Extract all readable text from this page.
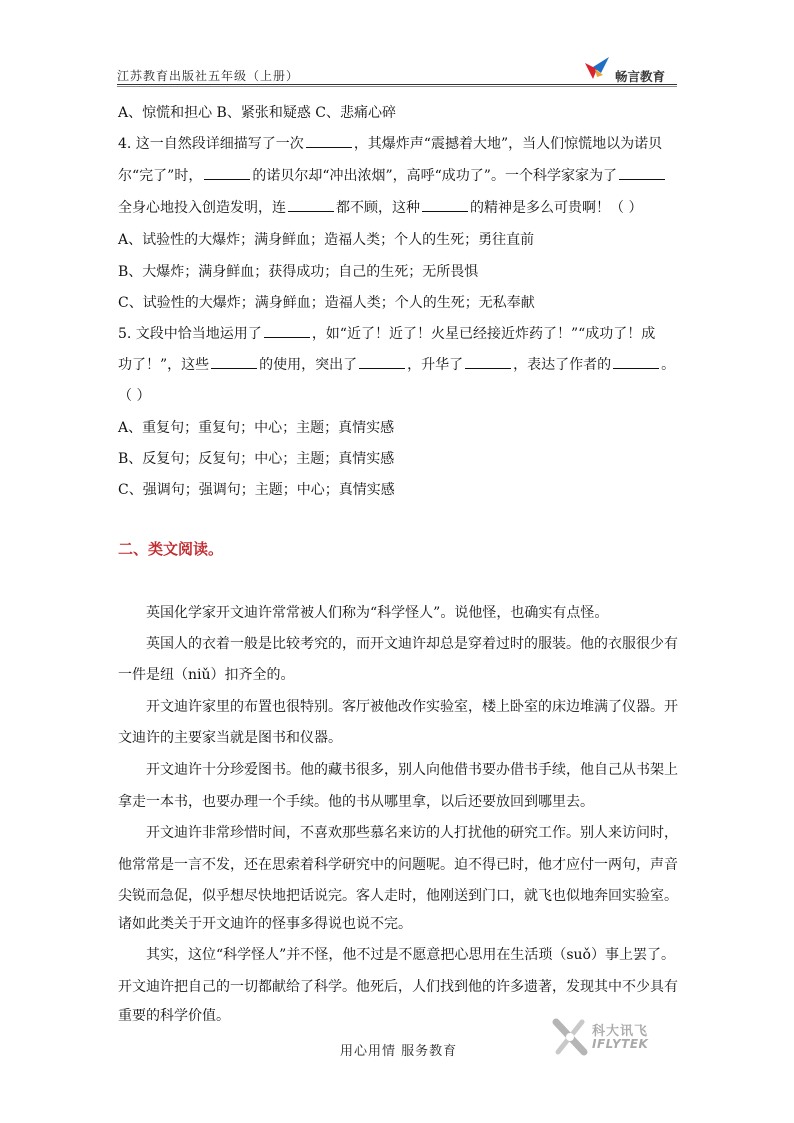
江苏教育出版社五年级（上册）	畅言教育
A、惊慌和担心 B、紧张和疑惑 C、悲痛心碎
4. 这一自然段详细描写了一次	，其爆炸声“震撼着大地”，当人们惊慌地以为诺贝
尔“完了”时，	的诺贝尔却“冲出浓烟”，高呼“成功了”。一个科学家家为了
全身心地投入创造发明，连	都不顾，这种	的精神是多么可贵啊！（ ）
A、试验性的大爆炸；满身鲜血；造福人类；个人的生死；勇往直前
B、大爆炸；满身鲜血；获得成功；自己的生死；无所畏惧
C、试验性的大爆炸；满身鲜血；造福人类；个人的生死；无私奉献
5. 文段中恰当地运用了	，如“近了！近了！火星已经接近炸药了！”“成功了！成
功了！”，这些	的使用，突出了	，升华了	，表达了作者的	。
（ ）
A、重复句；重复句；中心；主题；真情实感
B、反复句；反复句；中心；主题；真情实感
C、强调句；强调句；主题；中心；真情实感
二、类文阅读。
英国化学家开文迪许常常被人们称为“科学怪人”。说他怪，也确实有点怪。
英国人的衣着一般是比较考究的，而开文迪许却总是穿着过时的服装。他的衣服很少有
一件是纽（niǔ）扣齐全的。
开文迪许家里的布置也很特别。客厅被他改作实验室，楼上卧室的床边堆满了仪器。开
文迪许的主要家当就是图书和仪器。
开文迪许十分珍爱图书。他的藏书很多，别人向他借书要办借书手续，他自己从书架上
拿走一本书，也要办理一个手续。他的书从哪里拿，以后还要放回到哪里去。
开文迪许非常珍惜时间，不喜欢那些慕名来访的人打扰他的研究工作。别人来访问时，
他常常是一言不发，还在思索着科学研究中的问题呢。迫不得已时，他才应付一两句，声音
尖锐而急促，似乎想尽快地把话说完。客人走时，他刚送到门口，就飞也似地奔回实验室。
诸如此类关于开文迪许的怪事多得说也说不完。
其实，这位“科学怪人”并不怪，他不过是不愿意把心思用在生活琐（suǒ）事上罢了。
开文迪许把自己的一切都献给了科学。他死后，人们找到他的许多遗著，发现其中不少具有
重要的科学价值。
用心用情 服务教育
科大讯飞
IFLYTEK
